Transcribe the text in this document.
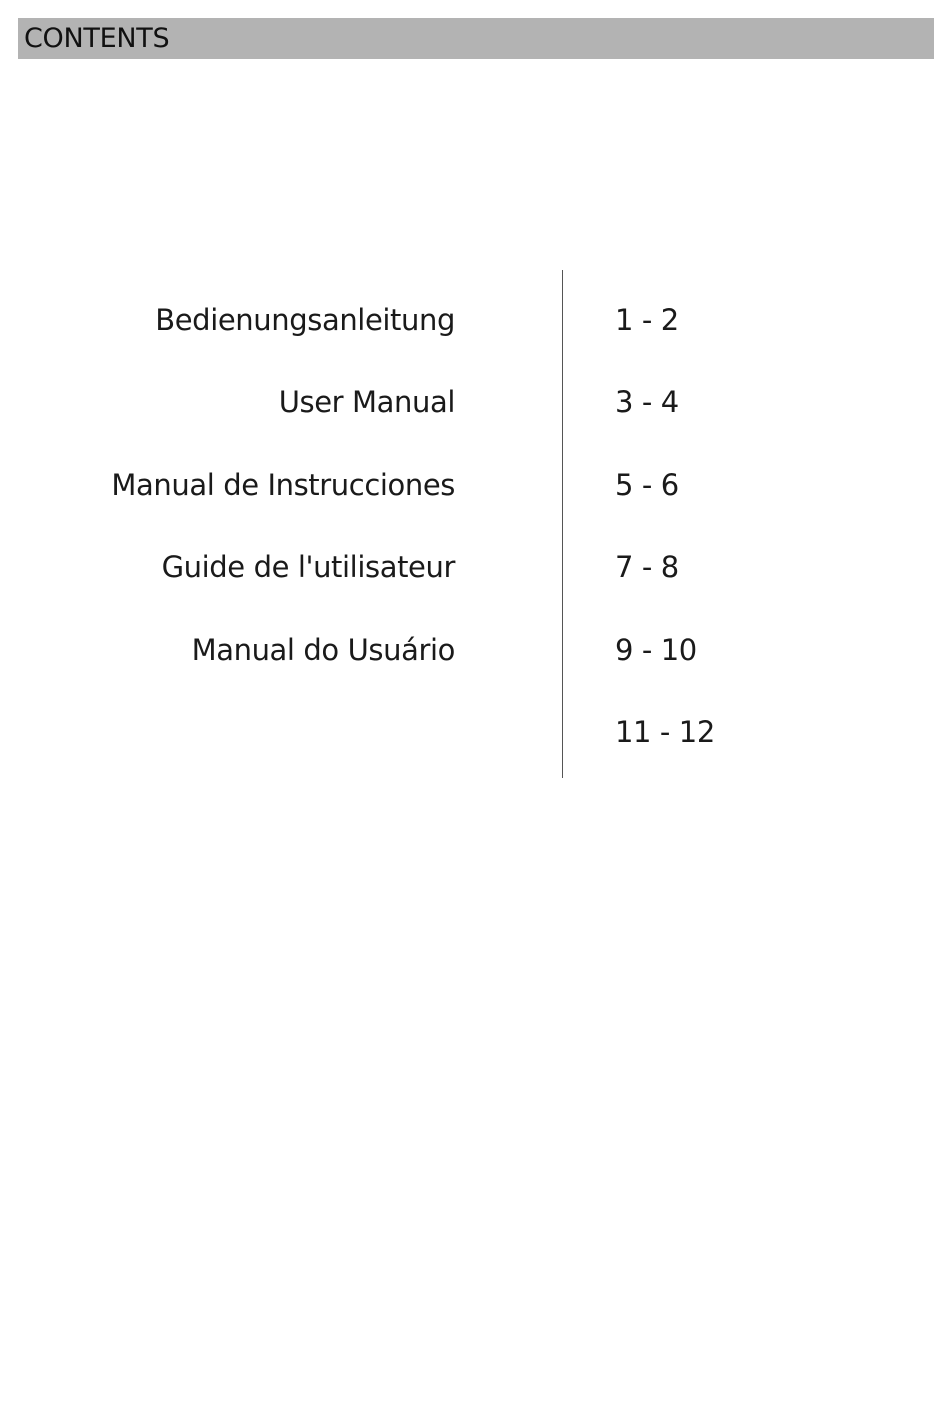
CONTENTS
Bedienungsanleitung
User Manual
Manual de Instrucciones
Guide de l'utilisateur
Manual do Usuário
1 - 2
3 - 4
5 - 6
7 - 8
9 - 10
11 - 12
